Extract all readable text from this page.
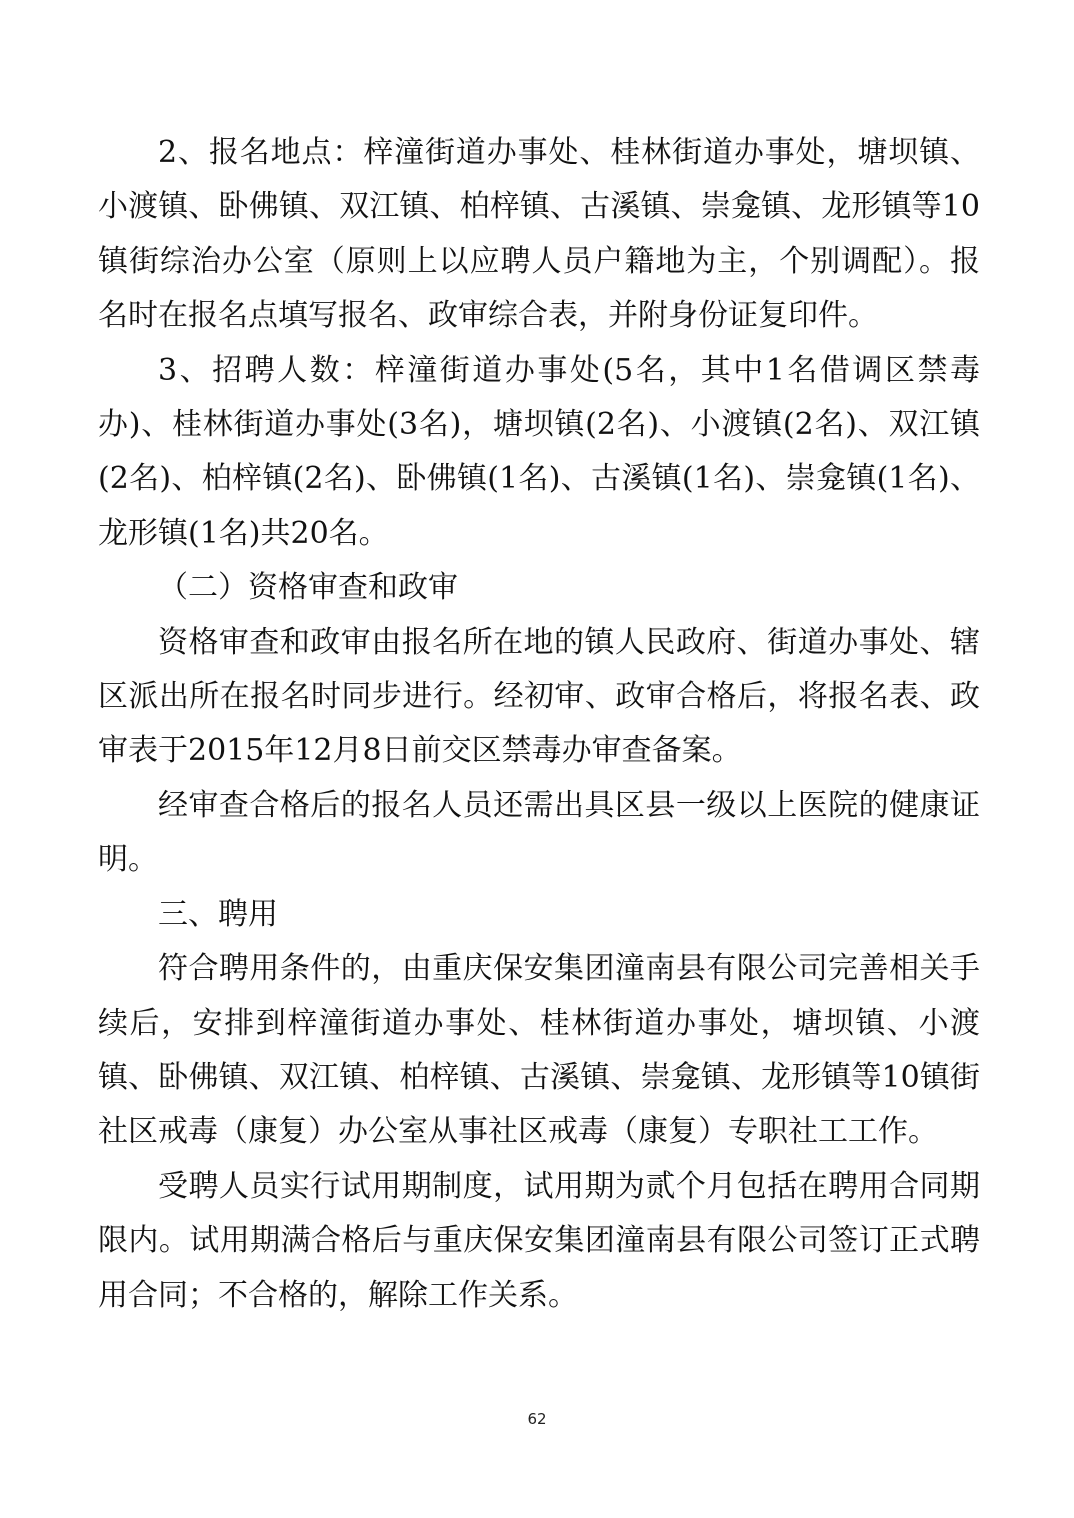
2、报名地点：梓潼街道办事处、桂林街道办事处，塘坝镇、小渡镇、卧佛镇、双江镇、柏梓镇、古溪镇、崇龛镇、龙形镇等10镇街综治办公室（原则上以应聘人员户籍地为主，个别调配）。报名时在报名点填写报名、政审综合表，并附身份证复印件。

3、招聘人数：梓潼街道办事处(5名，其中1名借调区禁毒办)、桂林街道办事处(3名)，塘坝镇(2名)、小渡镇(2名)、双江镇(2名)、柏梓镇(2名)、卧佛镇(1名)、古溪镇(1名)、崇龛镇(1名)、龙形镇(1名)共20名。

（二）资格审查和政审

资格审查和政审由报名所在地的镇人民政府、街道办事处、辖区派出所在报名时同步进行。经初审、政审合格后，将报名表、政审表于2015年12月8日前交区禁毒办审查备案。

经审查合格后的报名人员还需出具区县一级以上医院的健康证明。

三、聘用

符合聘用条件的，由重庆保安集团潼南县有限公司完善相关手续后，安排到梓潼街道办事处、桂林街道办事处，塘坝镇、小渡镇、卧佛镇、双江镇、柏梓镇、古溪镇、崇龛镇、龙形镇等10镇街社区戒毒（康复）办公室从事社区戒毒（康复）专职社工工作。

受聘人员实行试用期制度，试用期为贰个月包括在聘用合同期限内。试用期满合格后与重庆保安集团潼南县有限公司签订正式聘用合同；不合格的，解除工作关系。

62
